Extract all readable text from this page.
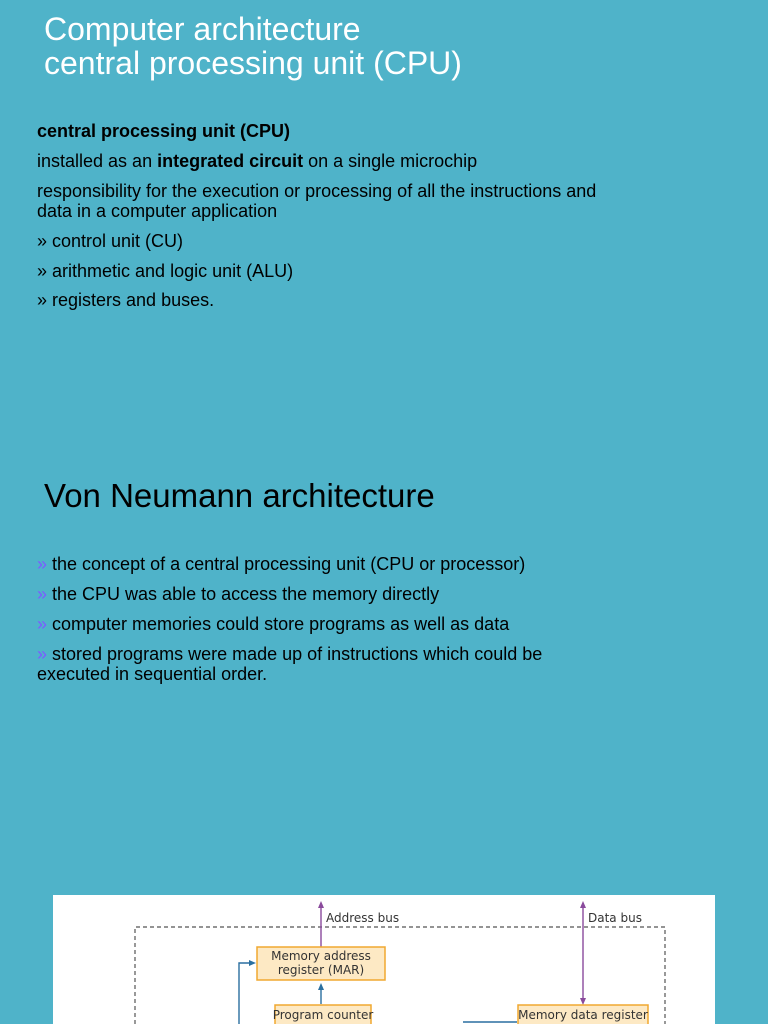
Computer architecture
central processing unit (CPU)

central processing unit (CPU)

installed as an integrated circuit on a single microchip

responsibility for the execution or processing of all the instructions and data in a computer application

» control unit (CU)

» arithmetic and logic unit (ALU)

» registers and buses.

Von Neumann architecture

» the concept of a central processing unit (CPU or processor)

» the CPU was able to access the memory directly

» computer memories could store programs as well as data

» stored programs were made up of instructions which could be executed in sequential order.

Address bus	Data bus
Memory address
register (MAR)
Program counter	Memory data register
